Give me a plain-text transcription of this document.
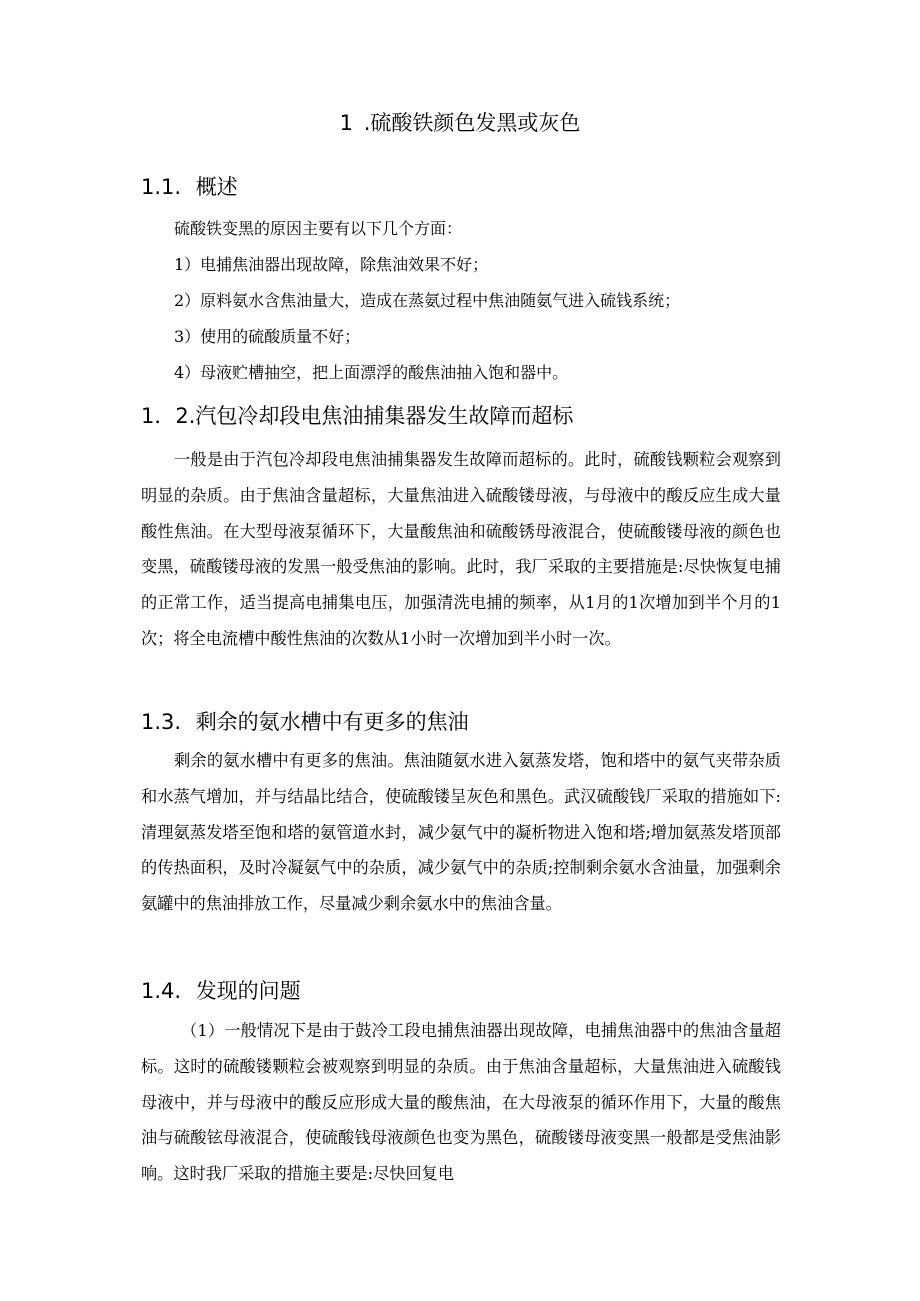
1 .硫酸铁颜色发黑或灰色
1.1. 概述
硫酸铁变黑的原因主要有以下几个方面：
1）电捕焦油器出现故障，除焦油效果不好；
2）原料氨水含焦油量大，造成在蒸氨过程中焦油随氨气进入硫钱系统；
3）使用的硫酸质量不好；
4）母液贮槽抽空，把上面漂浮的酸焦油抽入饱和器中。
1．2.汽包冷却段电焦油捕集器发生故障而超标
一般是由于汽包冷却段电焦油捕集器发生故障而超标的。此时，硫酸钱颗粒会观察到明显的杂质。由于焦油含量超标，大量焦油进入硫酸镂母液，与母液中的酸反应生成大量酸性焦油。在大型母液泵循环下，大量酸焦油和硫酸锈母液混合，使硫酸镂母液的颜色也变黑，硫酸镂母液的发黑一般受焦油的影响。此时，我厂采取的主要措施是:尽快恢复电捕的正常工作，适当提高电捕集电压，加强清洗电捕的频率，从1月的1次增加到半个月的1次；将全电流槽中酸性焦油的次数从1小时一次增加到半小时一次。
1.3. 剩余的氨水槽中有更多的焦油
剩余的氨水槽中有更多的焦油。焦油随氨水进入氨蒸发塔，饱和塔中的氨气夹带杂质和水蒸气增加，并与结晶比结合，使硫酸镂呈灰色和黑色。武汉硫酸钱厂采取的措施如下:清理氨蒸发塔至饱和塔的氨管道水封，减少氨气中的凝析物进入饱和塔;增加氨蒸发塔顶部的传热面积，及时冷凝氨气中的杂质，减少氨气中的杂质;控制剩余氨水含油量，加强剩余氨罐中的焦油排放工作，尽量减少剩余氨水中的焦油含量。
1.4. 发现的问题
（1）一般情况下是由于鼓冷工段电捕焦油器出现故障，电捕焦油器中的焦油含量超标。这时的硫酸镂颗粒会被观察到明显的杂质。由于焦油含量超标，大量焦油进入硫酸钱母液中，并与母液中的酸反应形成大量的酸焦油，在大母液泵的循环作用下，大量的酸焦油与硫酸铉母液混合，使硫酸钱母液颜色也变为黑色，硫酸镂母液变黑一般都是受焦油影响。这时我厂采取的措施主要是:尽快回复电
